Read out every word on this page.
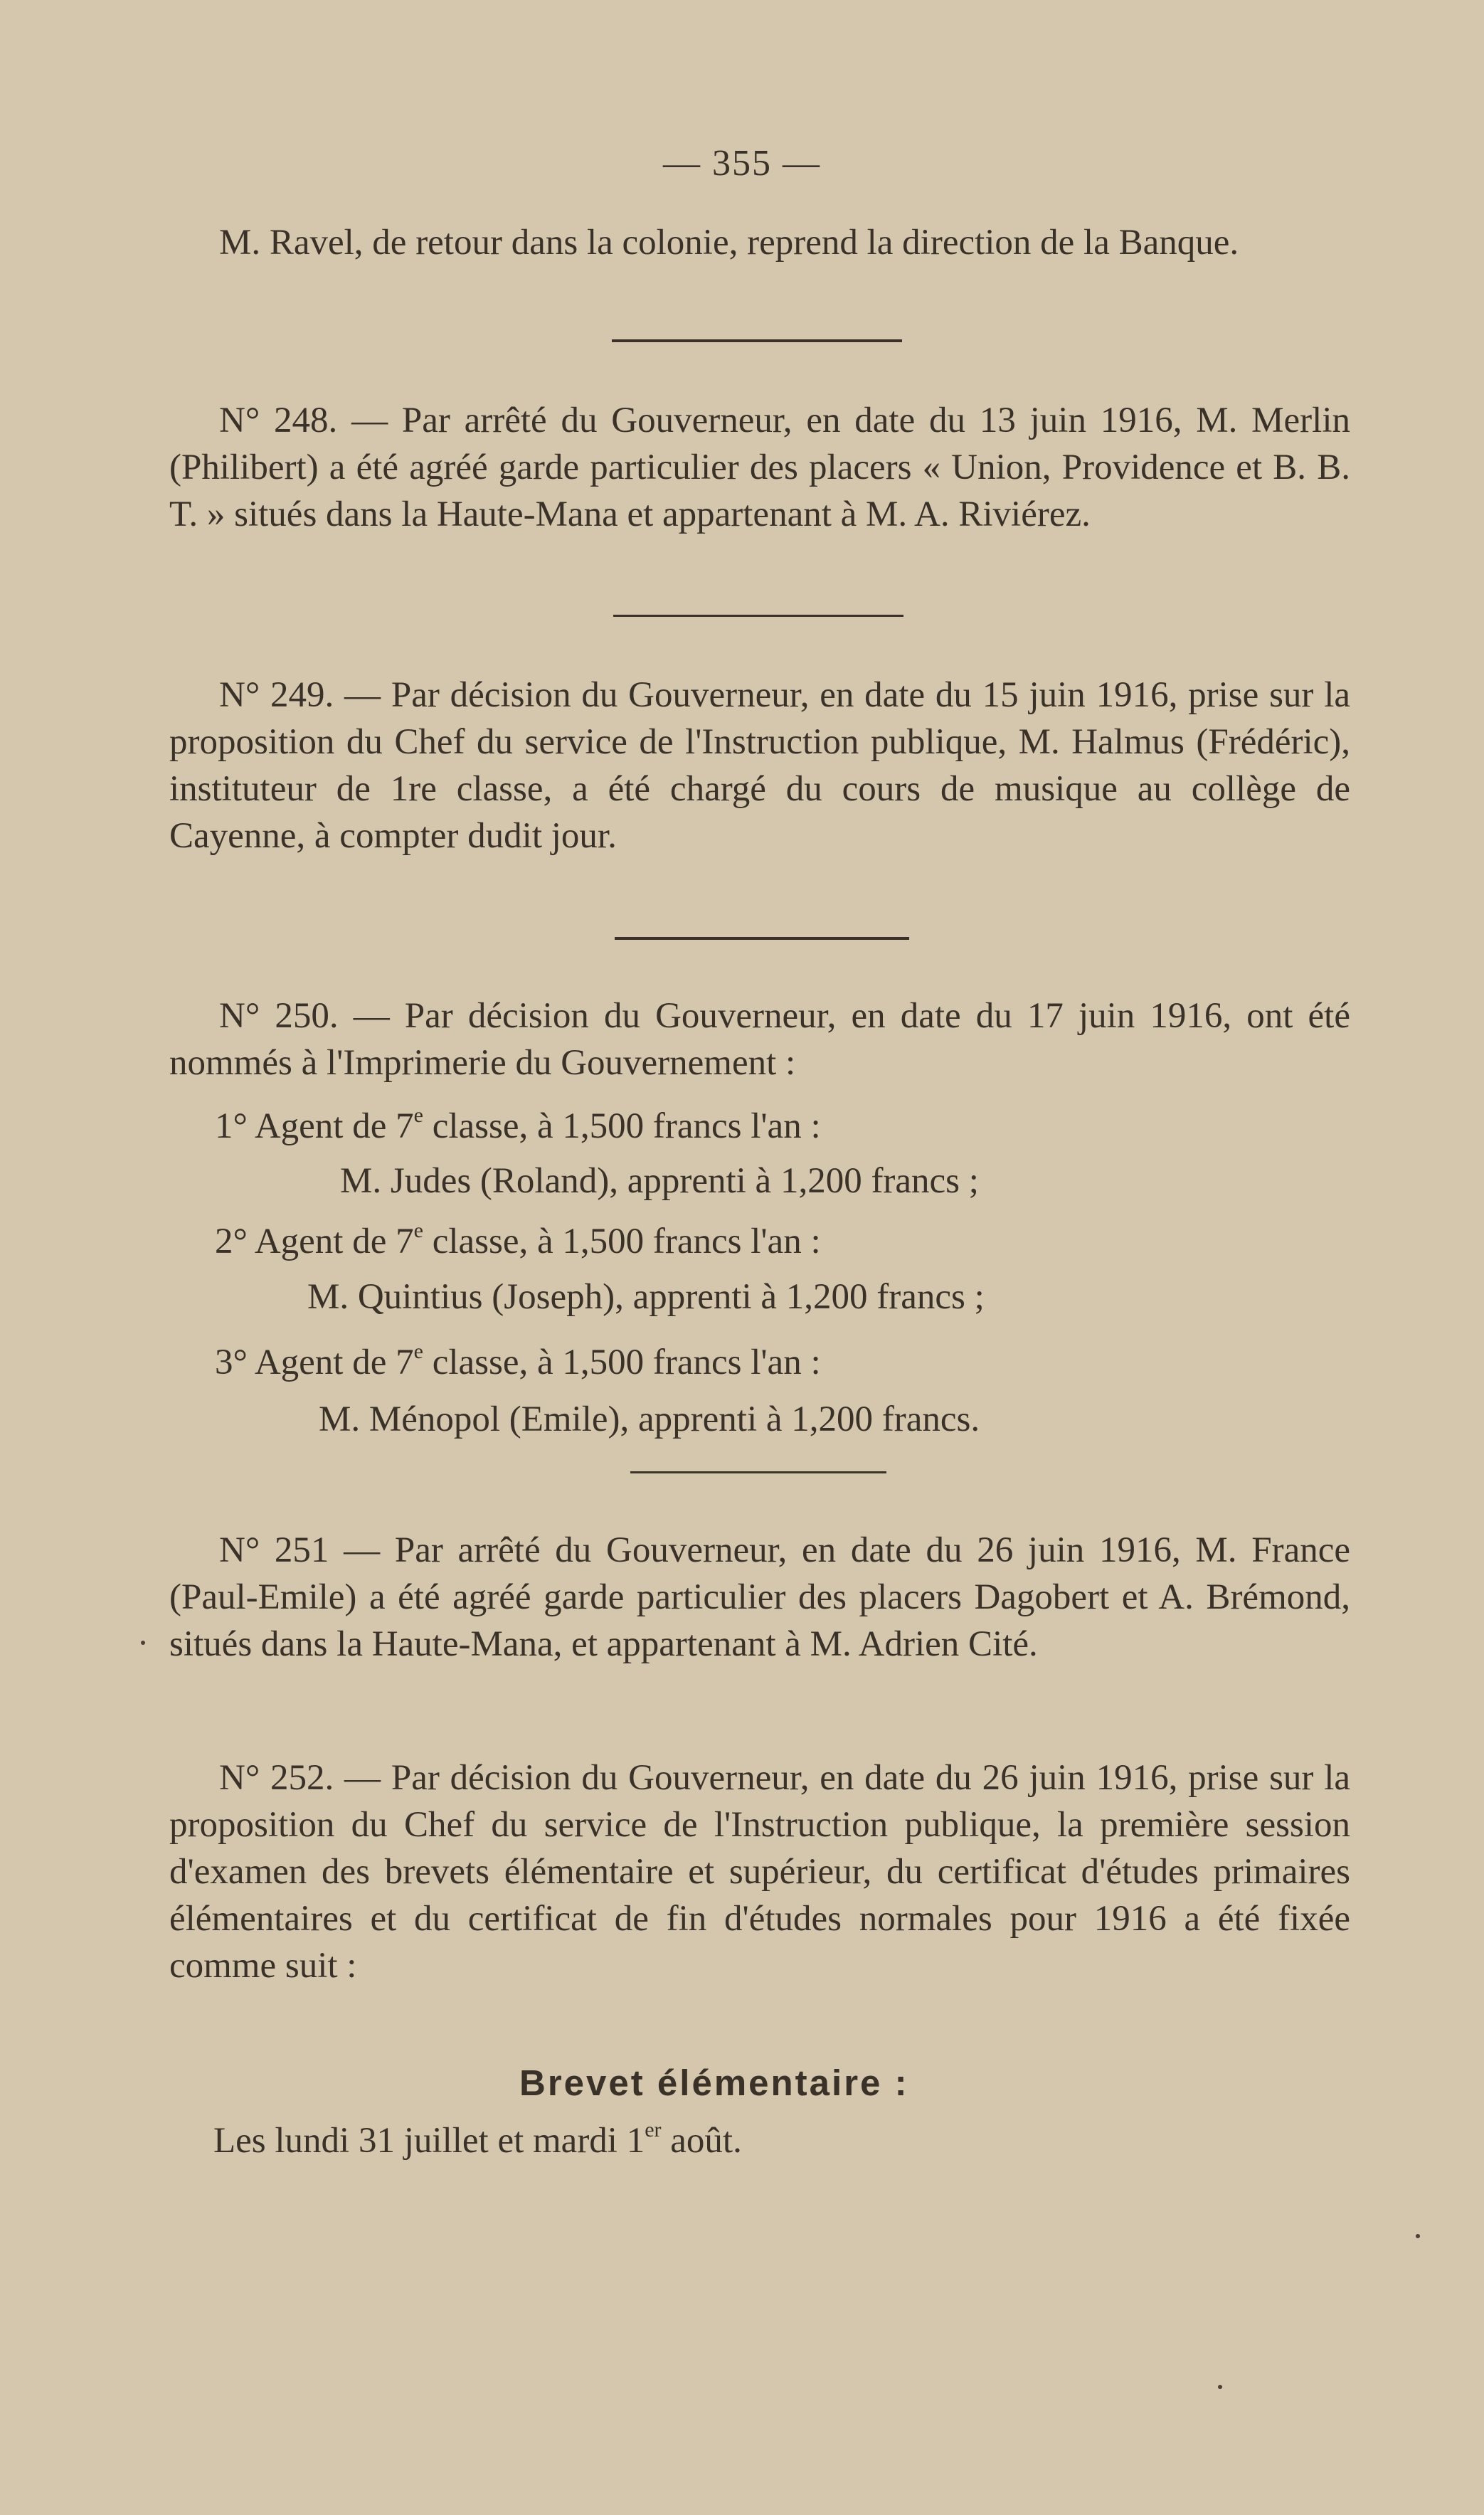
— 355 —
M. Ravel, de retour dans la colonie, reprend la direction de la Banque.
N° 248. — Par arrêté du Gouverneur, en date du 13 juin 1916, M. Merlin (Philibert) a été agréé garde particulier des placers « Union, Providence et B. B. T. » situés dans la Haute-Mana et appartenant à M. A. Riviérez.
N° 249. — Par décision du Gouverneur, en date du 15 juin 1916, prise sur la proposition du Chef du service de l'Instruction publique, M. Halmus (Frédéric), instituteur de 1re classe, a été chargé du cours de musique au collège de Cayenne, à compter dudit jour.
N° 250. — Par décision du Gouverneur, en date du 17 juin 1916, ont été nommés à l'Imprimerie du Gouvernement :
1° Agent de 7e classe, à 1,500 francs l'an :
M. Judes (Roland), apprenti à 1,200 francs ;
2° Agent de 7e classe, à 1,500 francs l'an :
M. Quintius (Joseph), apprenti à 1,200 francs ;
3° Agent de 7e classe, à 1,500 francs l'an :
M. Ménopol (Emile), apprenti à 1,200 francs.
N° 251 — Par arrêté du Gouverneur, en date du 26 juin 1916, M. France (Paul-Emile) a été agréé garde particulier des placers Dagobert et A. Brémond, situés dans la Haute-Mana, et appartenant à M. Adrien Cité.
N° 252. — Par décision du Gouverneur, en date du 26 juin 1916, prise sur la proposition du Chef du service de l'Instruction publique, la première session d'examen des brevets élémentaire et supérieur, du certificat d'études primaires élémentaires et du certificat de fin d'études normales pour 1916 a été fixée comme suit :
Brevet élémentaire :
Les lundi 31 juillet et mardi 1er août.
